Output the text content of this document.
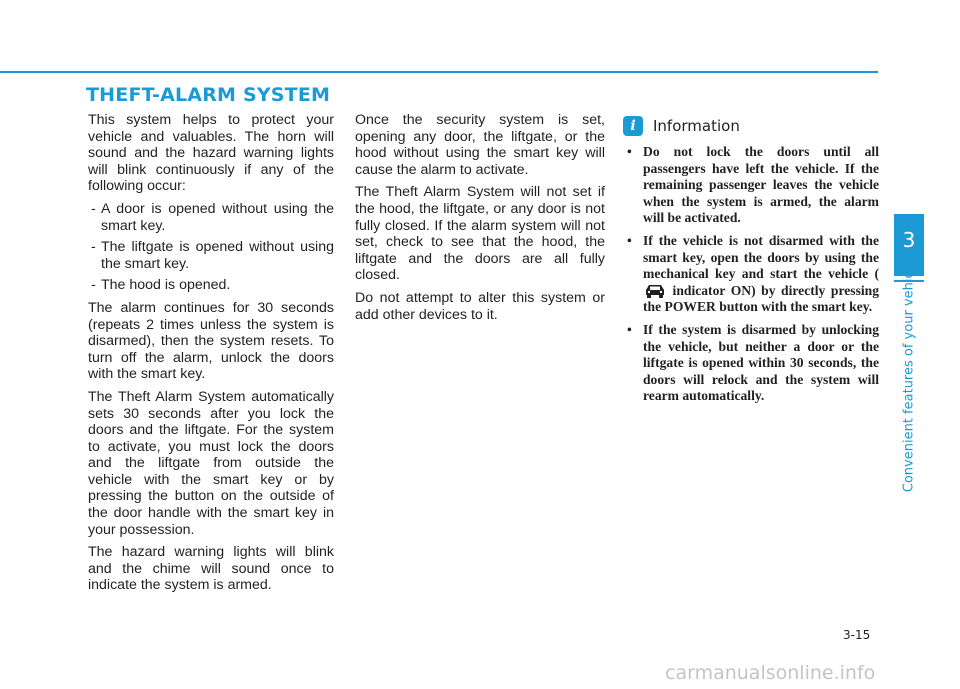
THEFT-ALARM SYSTEM

This system helps to protect your vehicle and valuables. The horn will sound and the hazard warning lights will blink continuously if any of the following occur:

- A door is opened without using the smart key.
- The liftgate is opened without using the smart key.
- The hood is opened.

The alarm continues for 30 seconds (repeats 2 times unless the system is disarmed), then the system resets. To turn off the alarm, unlock the doors with the smart key.

The Theft Alarm System automatically sets 30 seconds after you lock the doors and the liftgate. For the system to activate, you must lock the doors and the liftgate from outside the vehicle with the smart key or by pressing the button on the outside of the door handle with the smart key in your possession.

The hazard warning lights will blink and the chime will sound once to indicate the system is armed.

Once the security system is set, opening any door, the liftgate, or the hood without using the smart key will cause the alarm to activate.

The Theft Alarm System will not set if the hood, the liftgate, or any door is not fully closed. If the alarm system will not set, check to see that the hood, the liftgate and the doors are all fully closed.

Do not attempt to alter this system or add other devices to it.

i	Information
• Do not lock the doors until all passengers have left the vehicle. If the remaining passenger leaves the vehicle when the system is armed, the alarm will be activated.
• If the vehicle is not disarmed with the smart key, open the doors by using the mechanical key and start the vehicle ( indicator ON) by directly pressing the POWER button with the smart key.
• If the system is disarmed by unlocking the vehicle, but neither a door or the liftgate is opened within 30 seconds, the doors will relock and the system will rearm automatically.
3
Convenient features of your vehicle
3-15
carmanualsonline.info
